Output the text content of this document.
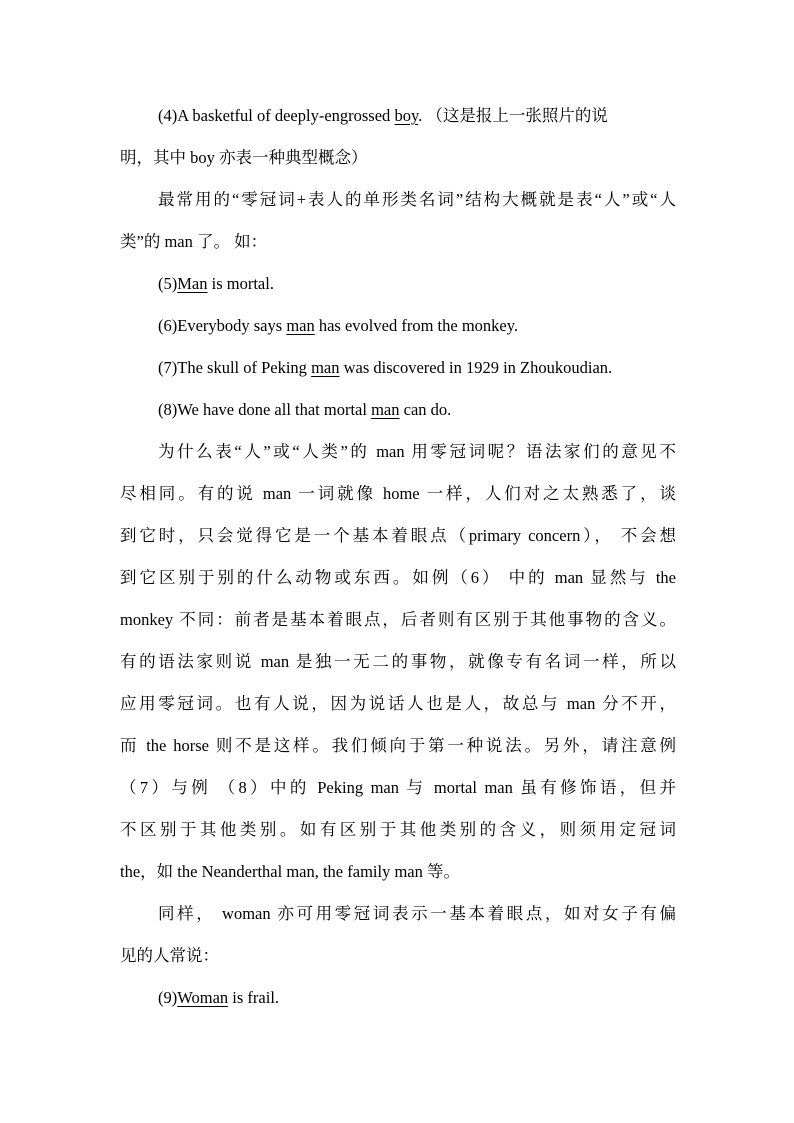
(4)A basketful of deeply-engrossed boy. （这是报上一张照片的说
明，其中 boy 亦表一种典型概念）
最常用的“零冠词+表人的单形类名词”结构大概就是表“人”或“人
类”的 man 了。 如：
(5)Man is mortal.
(6)Everybody says man has evolved from the monkey.
(7)The skull of Peking man was discovered in 1929 in Zhoukoudian.
(8)We have done all that mortal man can do.
为什么表“人”或“人类”的 man 用零冠词呢？语法家们的意见不
尽相同。有的说 man 一词就像 home 一样，人们对之太熟悉了，谈
到它时，只会觉得它是一个基本着眼点（primary concern）， 不会想
到它区别于别的什么动物或东西。如例（6） 中的 man 显然与 the
monkey 不同：前者是基本着眼点，后者则有区别于其他事物的含义。
有的语法家则说 man 是独一无二的事物，就像专有名词一样，所以
应用零冠词。也有人说，因为说话人也是人，故总与 man 分不开，
而 the horse 则不是这样。我们倾向于第一种说法。另外，请注意例
（7）与例 （8）中的 Peking man 与 mortal man 虽有修饰语，但并
不区别于其他类别。如有区别于其他类别的含义，则须用定冠词
the，如 the Neanderthal man, the family man 等。
同样， woman 亦可用零冠词表示一基本着眼点，如对女子有偏
见的人常说：
(9)Woman is frail.
